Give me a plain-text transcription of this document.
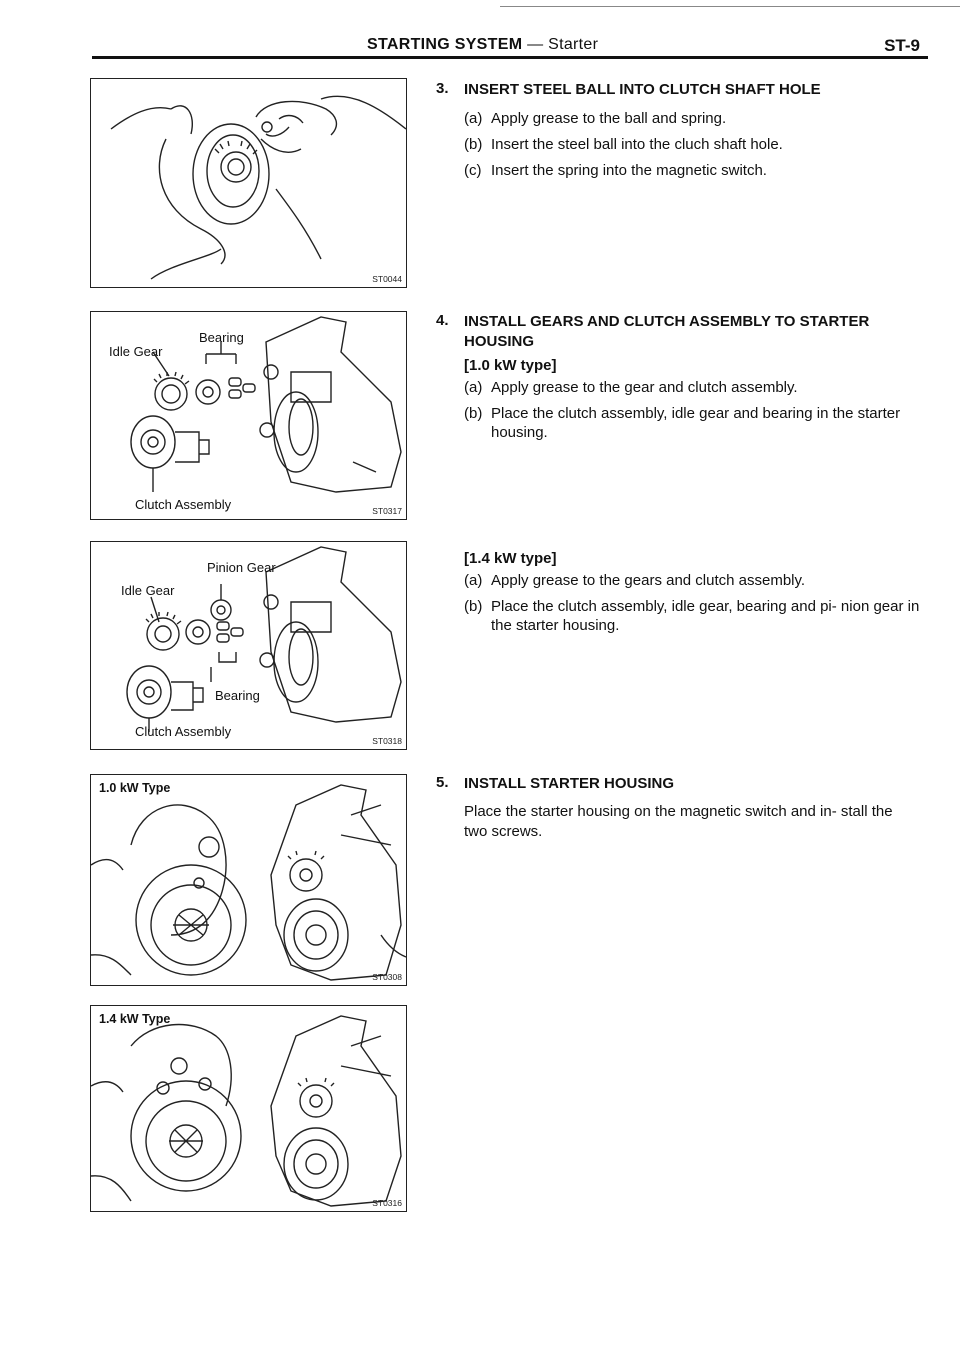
STARTING SYSTEM — Starter	ST-9
ST0044
Idle Gear
Bearing
Clutch Assembly	ST0317
Pinion Gear
Idle Gear
Bearing
Clutch Assembly
ST0318
1.0 kW Type
ST0308
1.4 kW Type
ST0316
3. INSERT STEEL BALL INTO CLUTCH SHAFT HOLE
(a) Apply grease to the ball and spring.
(b) Insert the steel ball into the cluch shaft hole.
(c) Insert the spring into the magnetic switch.
4. INSTALL GEARS AND CLUTCH ASSEMBLY TO STARTER HOUSING
[1.0 kW type]
(a) Apply grease to the gear and clutch assembly.
(b) Place the clutch assembly, idle gear and bearing in the starter housing.
[1.4 kW type]
(a) Apply grease to the gears and clutch assembly.
(b) Place the clutch assembly, idle gear, bearing and pi- nion gear in the starter housing.
5. INSTALL STARTER HOUSING
Place the starter housing on the magnetic switch and in- stall the two screws.
